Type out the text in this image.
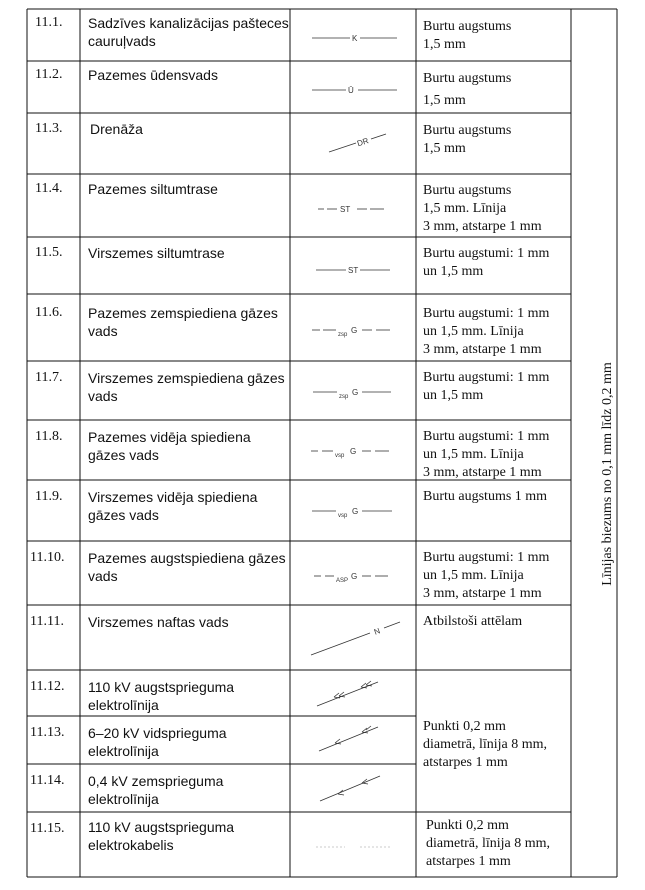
K
Ū
DR
ST
ST
zsp G
zsp G
vsp G
vsp G
ASP G
N
11.1.
11.2.
11.3.
11.4.
11.5.
11.6.
11.7.
11.8.
11.9.
11.10.
11.11.
11.12.
11.13.
11.14.
11.15.
Sadzīves kanalizācijas pašteces
cauruļvads
Pazemes ūdensvads
Drenāža
Pazemes siltumtrase
Virszemes siltumtrase
Pazemes zemspiediena gāzes
vads
Virszemes zemspiediena gāzes
vads
Pazemes vidēja spiediena
gāzes vads
Virszemes vidēja spiediena
gāzes vads
Pazemes augstspiediena gāzes
vads
Virszemes naftas vads
110 kV augstsprieguma
elektrolīnija
6–20 kV vidsprieguma
elektrolīnija
0,4 kV zemsprieguma
elektrolīnija
110 kV augstsprieguma
elektrokabelis
Burtu augstums
1,5 mm
Burtu augstums
1,5 mm
Burtu augstums
1,5 mm
Burtu augstums
1,5 mm. Līnija
3 mm, atstarpe 1 mm
Burtu augstumi: 1 mm
un 1,5 mm
Burtu augstumi: 1 mm
un 1,5 mm. Līnija
3 mm, atstarpe 1 mm
Burtu augstumi: 1 mm
un 1,5 mm
Burtu augstumi: 1 mm
un 1,5 mm. Līnija
3 mm, atstarpe 1 mm
Burtu augstums 1 mm
Burtu augstumi: 1 mm
un 1,5 mm. Līnija
3 mm, atstarpe 1 mm
Atbilstoši attēlam
Punkti 0,2 mm
diametrā, līnija 8 mm,
atstarpes 1 mm
Punkti 0,2 mm
diametrā, līnija 8 mm,
atstarpes 1 mm
Līnijas biezums no 0,1 mm līdz 0,2 mm
